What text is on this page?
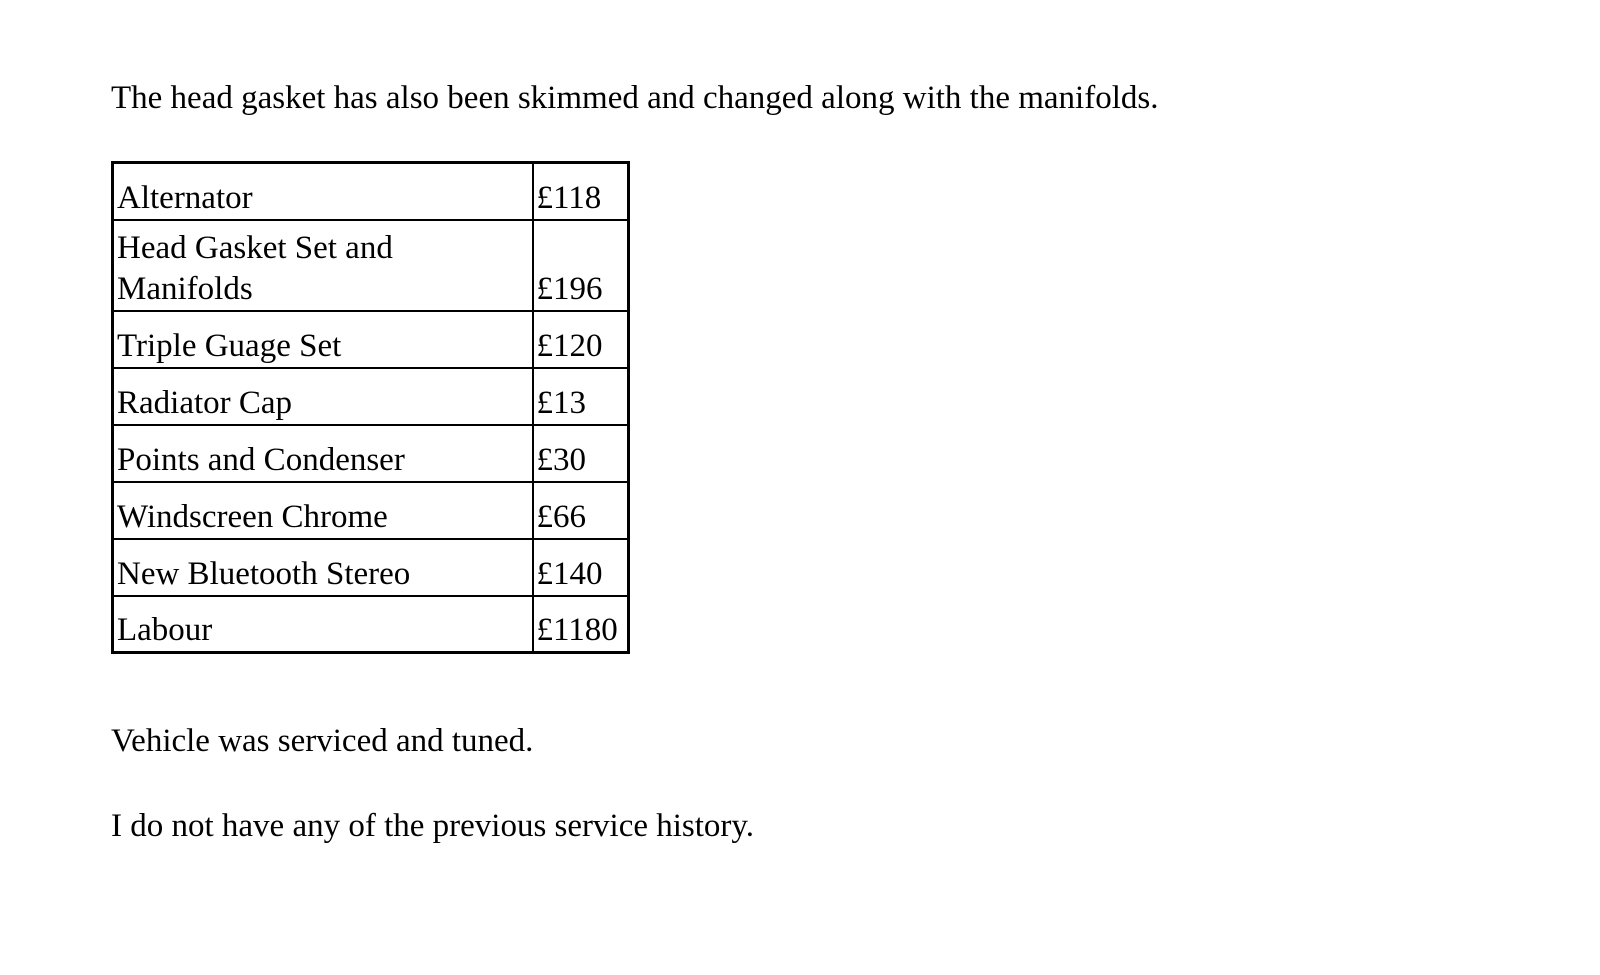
The head gasket has also been skimmed and changed along with the manifolds.

Alternator	£118
Head Gasket Set and Manifolds	£196
Triple Guage Set	£120
Radiator Cap	£13
Points and Condenser	£30
Windscreen Chrome	£66
New Bluetooth Stereo	£140
Labour	£1180

Vehicle was serviced and tuned.

I do not have any of the previous service history.
